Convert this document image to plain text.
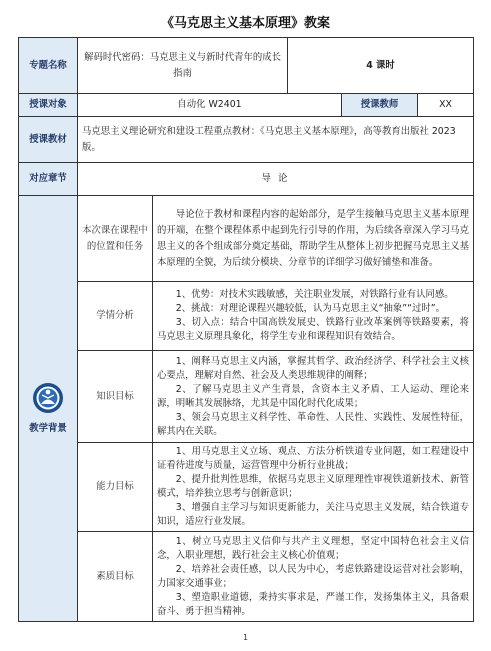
《马克思主义基本原理》教案
专题名称	解码时代密码：马克思主义与新时代青年的成长指南		4 课时		
授课对象	自动化 W2401			授课教师	XX
授课教材	马克思主义理论研究和建设工程重点教材：《马克思主义基本原理》，高等教育出版社 2023 版。				
对应章节	导 论				

教学背景	本次课在课程中的位置和任务	导论位于教材和课程内容的起始部分，是学生接触马克思主义基本原理的开端，在整个课程体系中起到先行引导的作用，为后续各章深入学习马克思主义的各个组成部分奠定基础，帮助学生从整体上初步把握马克思主义基本原理的全貌，为后续分模块、分章节的详细学习做好铺垫和准备。			
	学情分析	1、优势：对技术实践敏感，关注职业发展，对铁路行业有认同感。
2、挑战：对理论课程兴趣较低，认为马克思主义“抽象”“过时”。
3、切入点：结合中国高铁发展史、铁路行业改革案例等铁路要素，将马克思主义原理具象化，将学生专业和课程知识有效结合。			

	知识目标	1、阐释马克思主义内涵，掌握其哲学、政治经济学、科学社会主义核心要点，理解对自然、社会及人类思维规律的阐释；
2、了解马克思主义产生背景，含资本主义矛盾、工人运动、理论来源，明晰其发展脉络，尤其是中国化时代化成果；
3、领会马克思主义科学性、革命性、人民性、实践性、发展性特征，解其内在关联。			

	能力目标	1、用马克思主义立场、观点、方法分析铁道专业问题，如工程建设中证看待进度与质量，运营管理中分析行业挑战；
2、提升批判性思维，依据马克思主义原理理性审视铁道新技术、新管模式，培养独立思考与创新意识；
3、增强自主学习与知识更新能力，关注马克思主义发展，结合铁道专知识，适应行业发展。			

	素质目标	1、树立马克思主义信仰与共产主义理想，坚定中国特色社会主义信念，入职业理想，践行社会主义核心价值观；
2、培养社会责任感，以人民为中心，考虑铁路建设运营对社会影响，力国家交通事业；
3、塑造职业道德，秉持实事求是，严谨工作，发扬集体主义，具备艰奋斗、勇于担当精神。			
1
